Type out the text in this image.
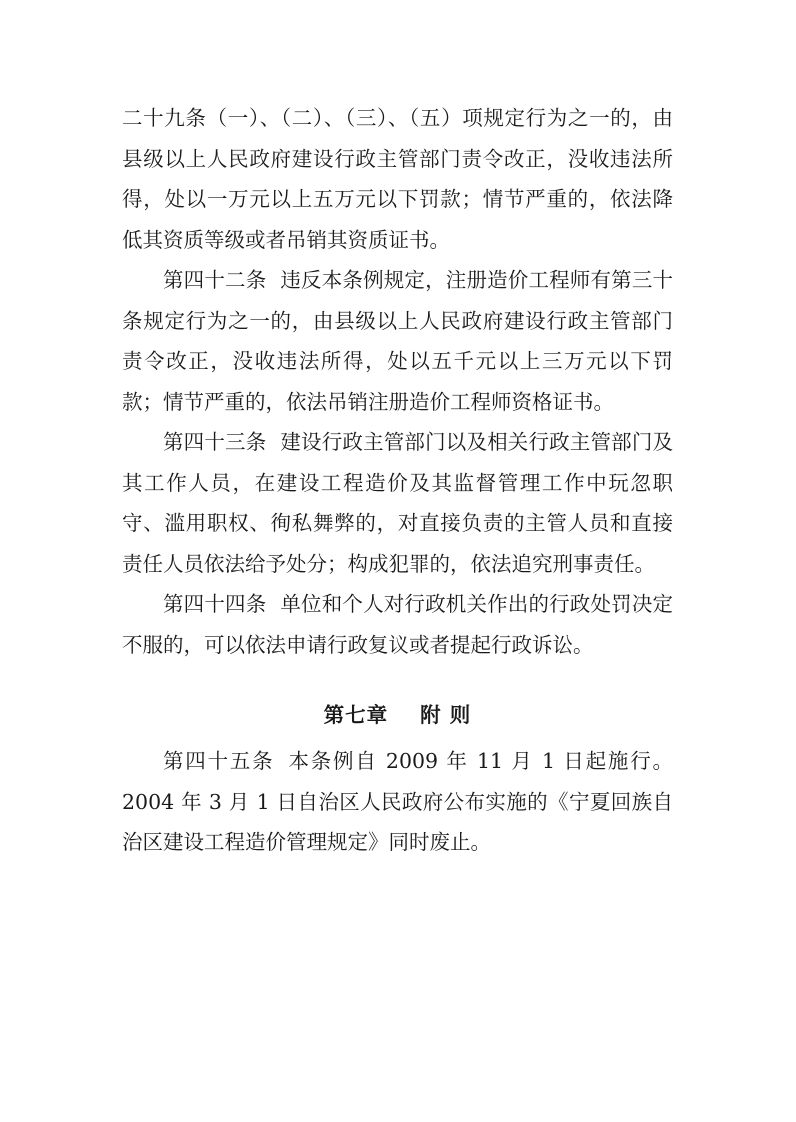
二十九条（一）、（二）、（三）、（五）项规定行为之一的，由县级以上人民政府建设行政主管部门责令改正，没收违法所得，处以一万元以上五万元以下罚款；情节严重的，依法降低其资质等级或者吊销其资质证书。

第四十二条 违反本条例规定，注册造价工程师有第三十条规定行为之一的，由县级以上人民政府建设行政主管部门责令改正，没收违法所得，处以五千元以上三万元以下罚款；情节严重的，依法吊销注册造价工程师资格证书。

第四十三条 建设行政主管部门以及相关行政主管部门及其工作人员，在建设工程造价及其监督管理工作中玩忽职守、滥用职权、徇私舞弊的，对直接负责的主管人员和直接责任人员依法给予处分；构成犯罪的，依法追究刑事责任。

第四十四条 单位和个人对行政机关作出的行政处罚决定不服的，可以依法申请行政复议或者提起行政诉讼。

第七章 附 则

第四十五条 本条例自 2009 年 11 月 1 日起施行。2004 年 3 月 1 日自治区人民政府公布实施的《宁夏回族自治区建设工程造价管理规定》同时废止。
